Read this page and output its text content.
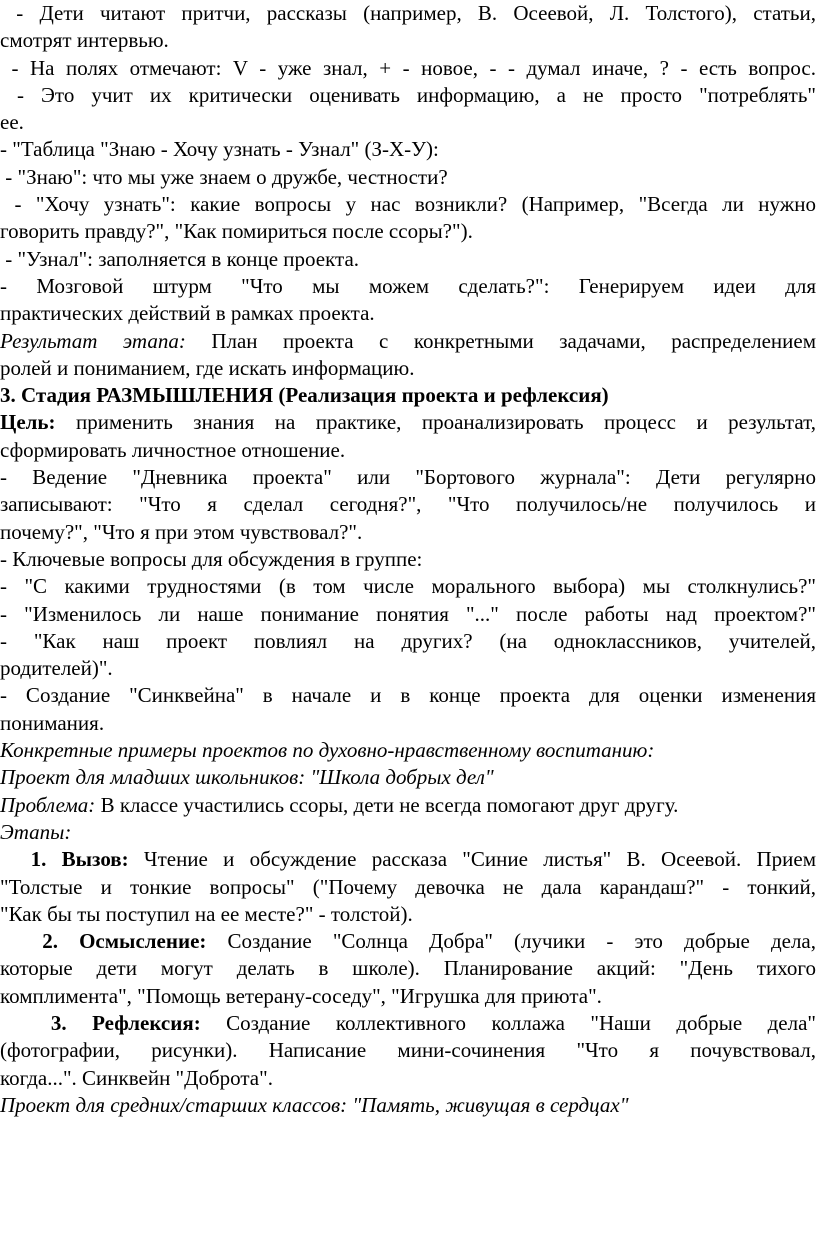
- Дети читают притчи, рассказы (например, В. Осеевой, Л. Толстого), статьи,
смотрят интервью.
- На полях отмечают: V - уже знал, + - новое, - - думал иначе, ? - есть вопрос.
- Это учит их критически оценивать информацию, а не просто "потреблять"
ее.
- "Таблица "Знаю - Хочу узнать - Узнал" (З-Х-У):
- "Знаю": что мы уже знаем о дружбе, честности?
- "Хочу узнать": какие вопросы у нас возникли? (Например, "Всегда ли нужно
говорить правду?", "Как помириться после ссоры?").
- "Узнал": заполняется в конце проекта.
- Мозговой штурм "Что мы можем сделать?": Генерируем идеи для
практических действий в рамках проекта.
Результат этапа: План проекта с конкретными задачами, распределением
ролей и пониманием, где искать информацию.
3. Стадия РАЗМЫШЛЕНИЯ (Реализация проекта и рефлексия)
Цель: применить знания на практике, проанализировать процесс и результат,
сформировать личностное отношение.
- Ведение "Дневника проекта" или "Бортового журнала": Дети регулярно
записывают: "Что я сделал сегодня?", "Что получилось/не получилось и
почему?", "Что я при этом чувствовал?".
- Ключевые вопросы для обсуждения в группе:
- "С какими трудностями (в том числе морального выбора) мы столкнулись?"
- "Изменилось ли наше понимание понятия "..." после работы над проектом?"
- "Как наш проект повлиял на других? (на одноклассников, учителей,
родителей)".
- Создание "Синквейна" в начале и в конце проекта для оценки изменения
понимания.
Конкретные примеры проектов по духовно-нравственному воспитанию:
Проект для младших школьников: "Школа добрых дел"
Проблема: В классе участились ссоры, дети не всегда помогают друг другу.
Этапы:
1. Вызов: Чтение и обсуждение рассказа "Синие листья" В. Осеевой. Прием
"Толстые и тонкие вопросы" ("Почему девочка не дала карандаш?" - тонкий,
"Как бы ты поступил на ее месте?" - толстой).
2. Осмысление: Создание "Солнца Добра" (лучики - это добрые дела,
которые дети могут делать в школе). Планирование акций: "День тихого
комплимента", "Помощь ветерану-соседу", "Игрушка для приюта".
3. Рефлексия: Создание коллективного коллажа "Наши добрые дела"
(фотографии, рисунки). Написание мини-сочинения "Что я почувствовал,
когда...". Синквейн "Доброта".
Проект для средних/старших классов: "Память, живущая в сердцах"
